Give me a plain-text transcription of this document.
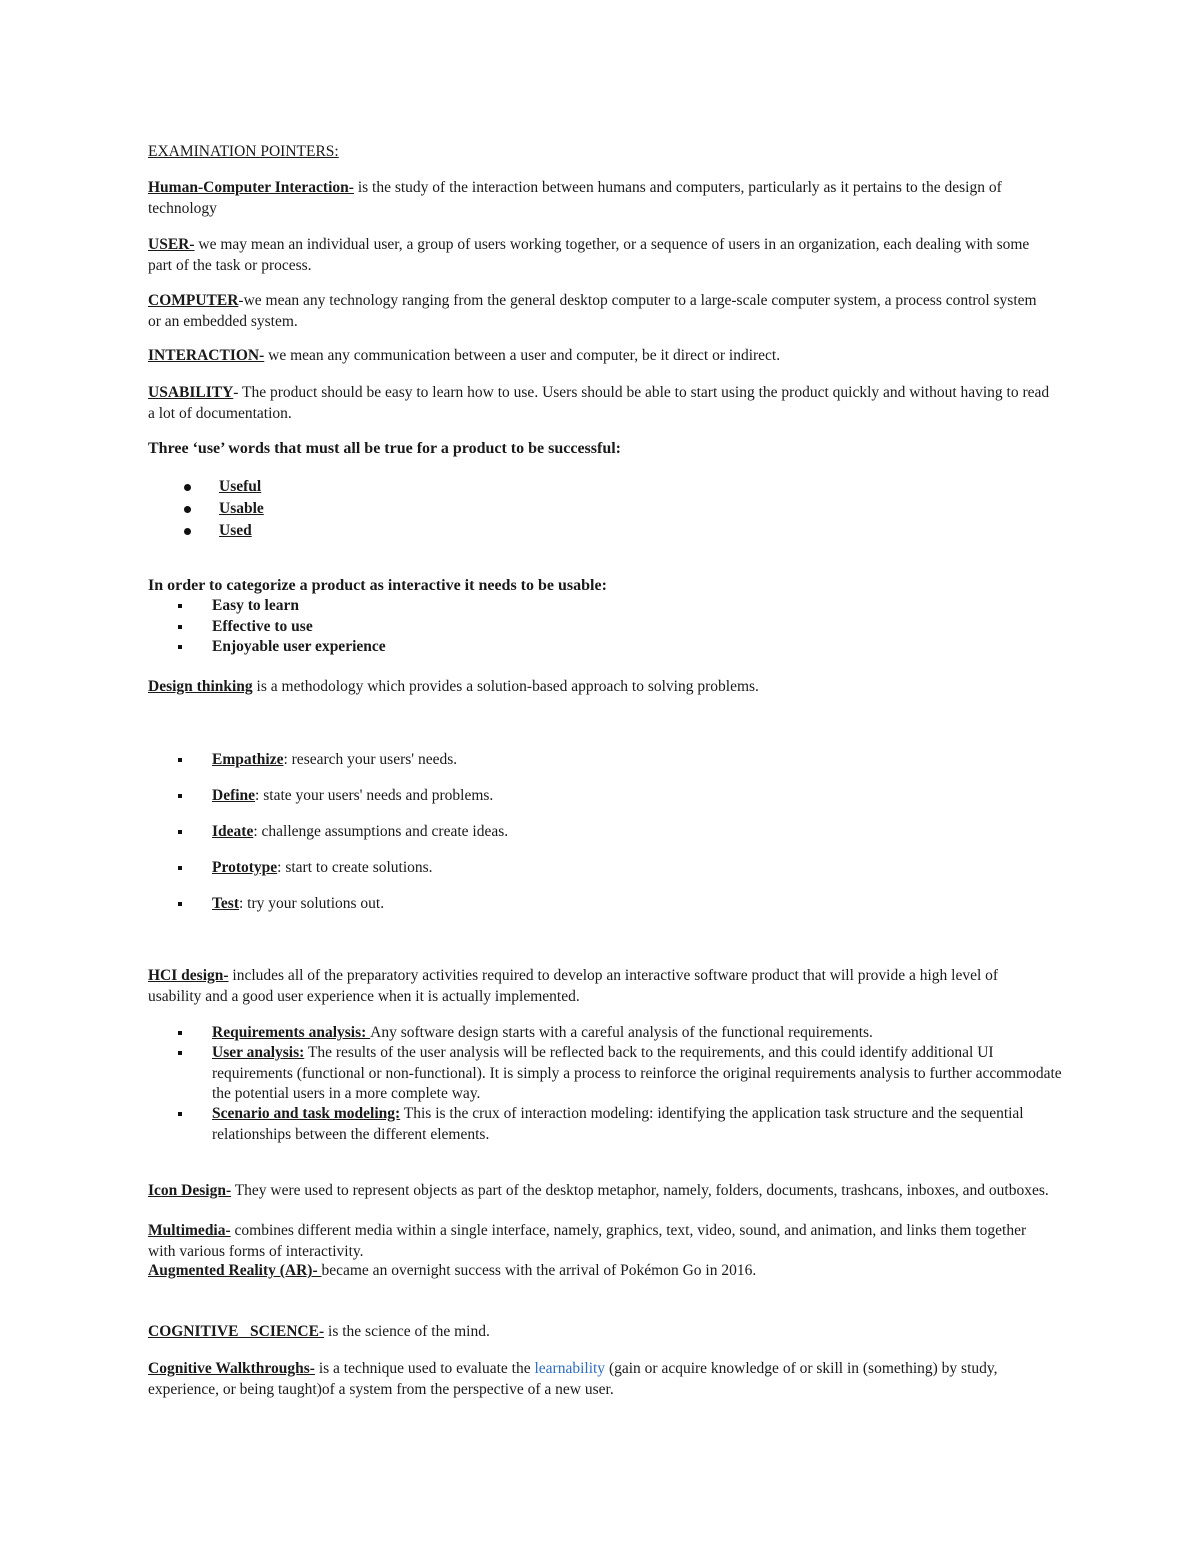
EXAMINATION POINTERS:

Human-Computer Interaction- is the study of the interaction between humans and computers, particularly as it pertains to the design of technology

USER- we may mean an individual user, a group of users working together, or a sequence of users in an organization, each dealing with some part of the task or process.

COMPUTER-we mean any technology ranging from the general desktop computer to a large-scale computer system, a process control system or an embedded system.

INTERACTION- we mean any communication between a user and computer, be it direct or indirect.

USABILITY- The product should be easy to learn how to use. Users should be able to start using the product quickly and without having to read a lot of documentation.

Three ‘use’ words that must all be true for a product to be successful:

Useful
Usable
Used

In order to categorize a product as interactive it needs to be usable:

Easy to learn
Effective to use
Enjoyable user experience

Design thinking is a methodology which provides a solution-based approach to solving problems.

Empathize: research your users' needs.
Define: state your users' needs and problems.
Ideate: challenge assumptions and create ideas.
Prototype: start to create solutions.
Test: try your solutions out.

HCI design- includes all of the preparatory activities required to develop an interactive software product that will provide a high level of usability and a good user experience when it is actually implemented.

Requirements analysis: Any software design starts with a careful analysis of the functional requirements.
User analysis: The results of the user analysis will be reflected back to the requirements, and this could identify additional UI requirements (functional or non-functional). It is simply a process to reinforce the original requirements analysis to further accommodate the potential users in a more complete way.
Scenario and task modeling: This is the crux of interaction modeling: identifying the application task structure and the sequential relationships between the different elements.

Icon Design- They were used to represent objects as part of the desktop metaphor, namely, folders, documents, trashcans, inboxes, and outboxes.

Multimedia- combines different media within a single interface, namely, graphics, text, video, sound, and animation, and links them together with various forms of interactivity.

Augmented Reality (AR)- became an overnight success with the arrival of Pokémon Go in 2016.

COGNITIVE   SCIENCE- is the science of the mind.

Cognitive Walkthroughs- is a technique used to evaluate the learnability (gain or acquire knowledge of or skill in (something) by study, experience, or being taught)of a system from the perspective of a new user.
